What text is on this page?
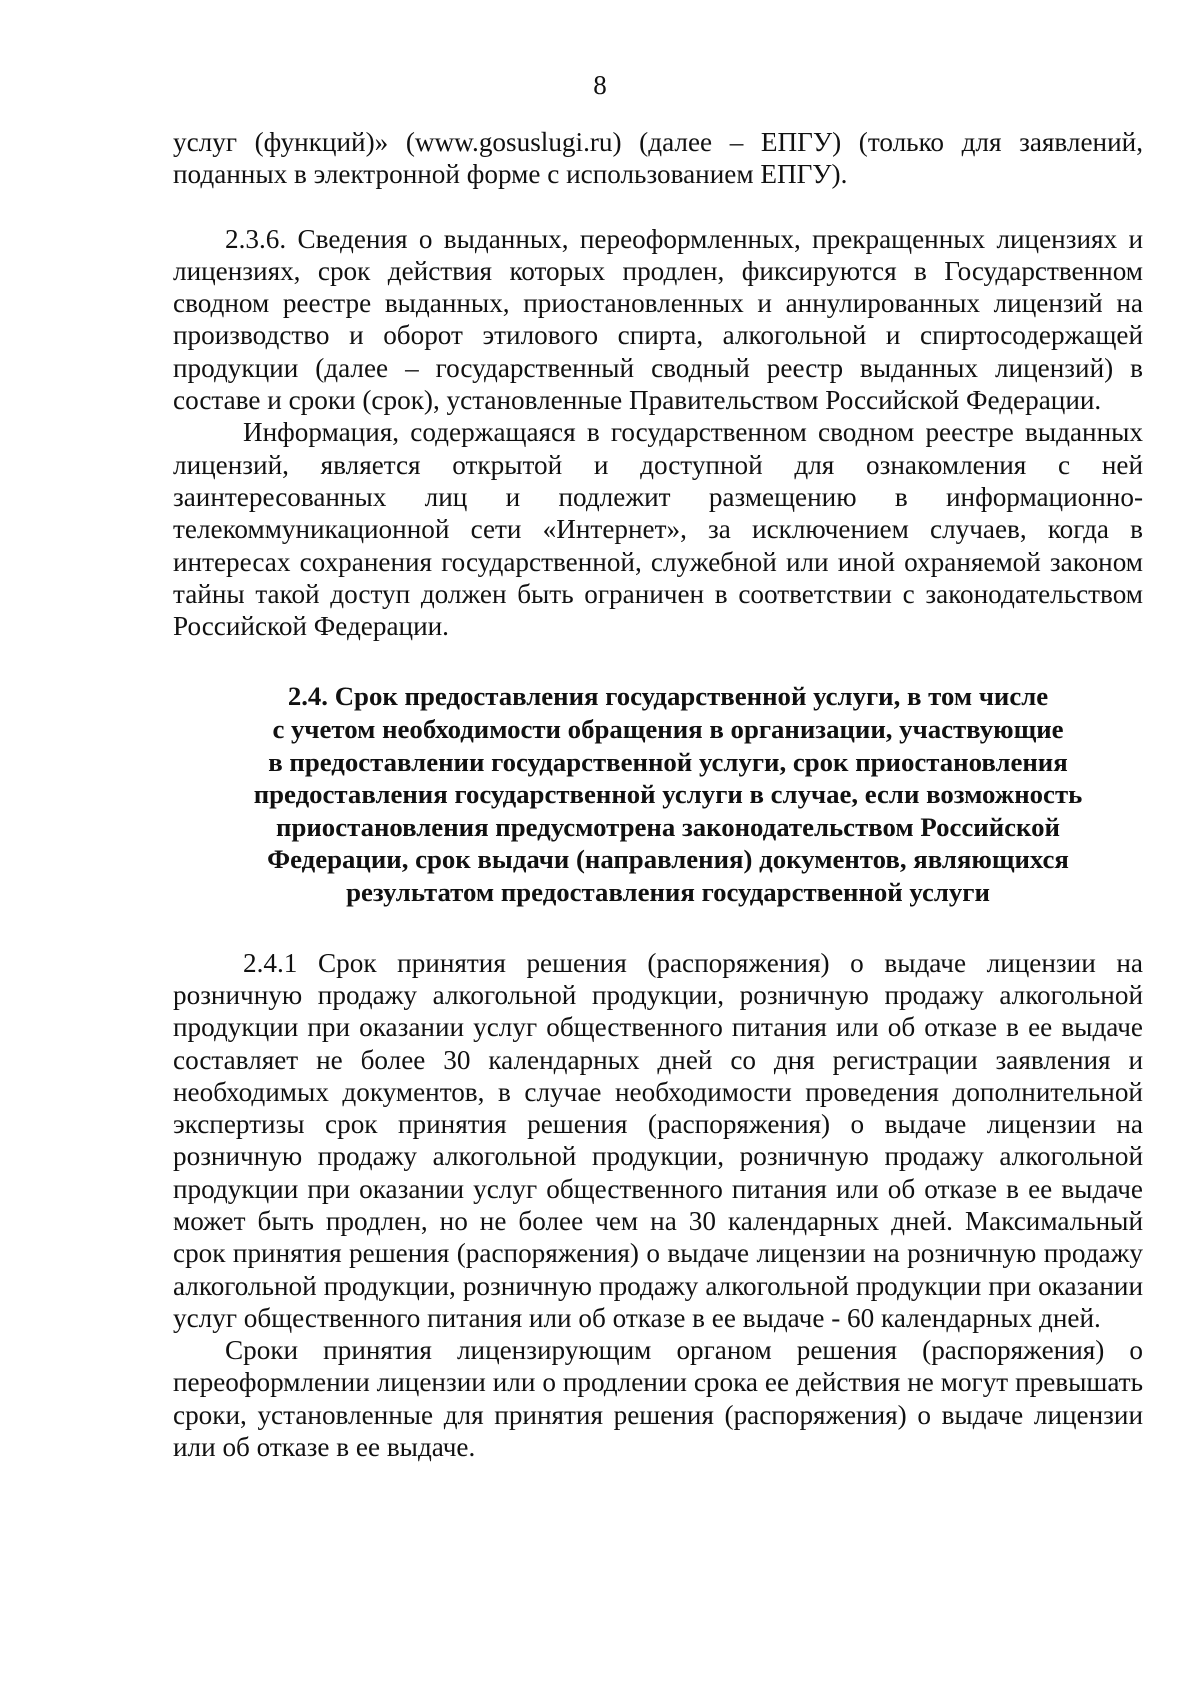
8

услуг (функций)» (www.gosuslugi.ru) (далее – ЕПГУ) (только для заявлений, поданных в электронной форме с использованием ЕПГУ).

2.3.6. Сведения о выданных, переоформленных, прекращенных лицензиях и лицензиях, срок действия которых продлен, фиксируются в Государственном сводном реестре выданных, приостановленных и аннулированных лицензий на производство и оборот этилового спирта, алкогольной и спиртосодержащей продукции (далее – государственный сводный реестр выданных лицензий) в составе и сроки (срок), установленные Правительством Российской Федерации.

Информация, содержащаяся в государственном сводном реестре выданных лицензий, является открытой и доступной для ознакомления с ней заинтересованных лиц и подлежит размещению в информационно-телекоммуникационной сети «Интернет», за исключением случаев, когда в интересах сохранения государственной, служебной или иной охраняемой законом тайны такой доступ должен быть ограничен в соответствии с законодательством Российской Федерации.

2.4. Срок предоставления государственной услуги, в том числе
с учетом необходимости обращения в организации, участвующие
в предоставлении государственной услуги, срок приостановления
предоставления государственной услуги в случае, если возможность
приостановления предусмотрена законодательством Российской
Федерации, срок выдачи (направления) документов, являющихся
результатом предоставления государственной услуги

2.4.1 Срок принятия решения (распоряжения) о выдаче лицензии на розничную продажу алкогольной продукции, розничную продажу алкогольной продукции при оказании услуг общественного питания или об отказе в ее выдаче составляет не более 30 календарных дней со дня регистрации заявления и необходимых документов, в случае необходимости проведения дополнительной экспертизы срок принятия решения (распоряжения) о выдаче лицензии на розничную продажу алкогольной продукции, розничную продажу алкогольной продукции при оказании услуг общественного питания или об отказе в ее выдаче может быть продлен, но не более чем на 30 календарных дней. Максимальный срок принятия решения (распоряжения) о выдаче лицензии на розничную продажу алкогольной продукции, розничную продажу алкогольной продукции при оказании услуг общественного питания или об отказе в ее выдаче - 60 календарных дней.

Сроки принятия лицензирующим органом решения (распоряжения) о переоформлении лицензии или о продлении срока ее действия не могут превышать сроки, установленные для принятия решения (распоряжения) о выдаче лицензии или об отказе в ее выдаче.
